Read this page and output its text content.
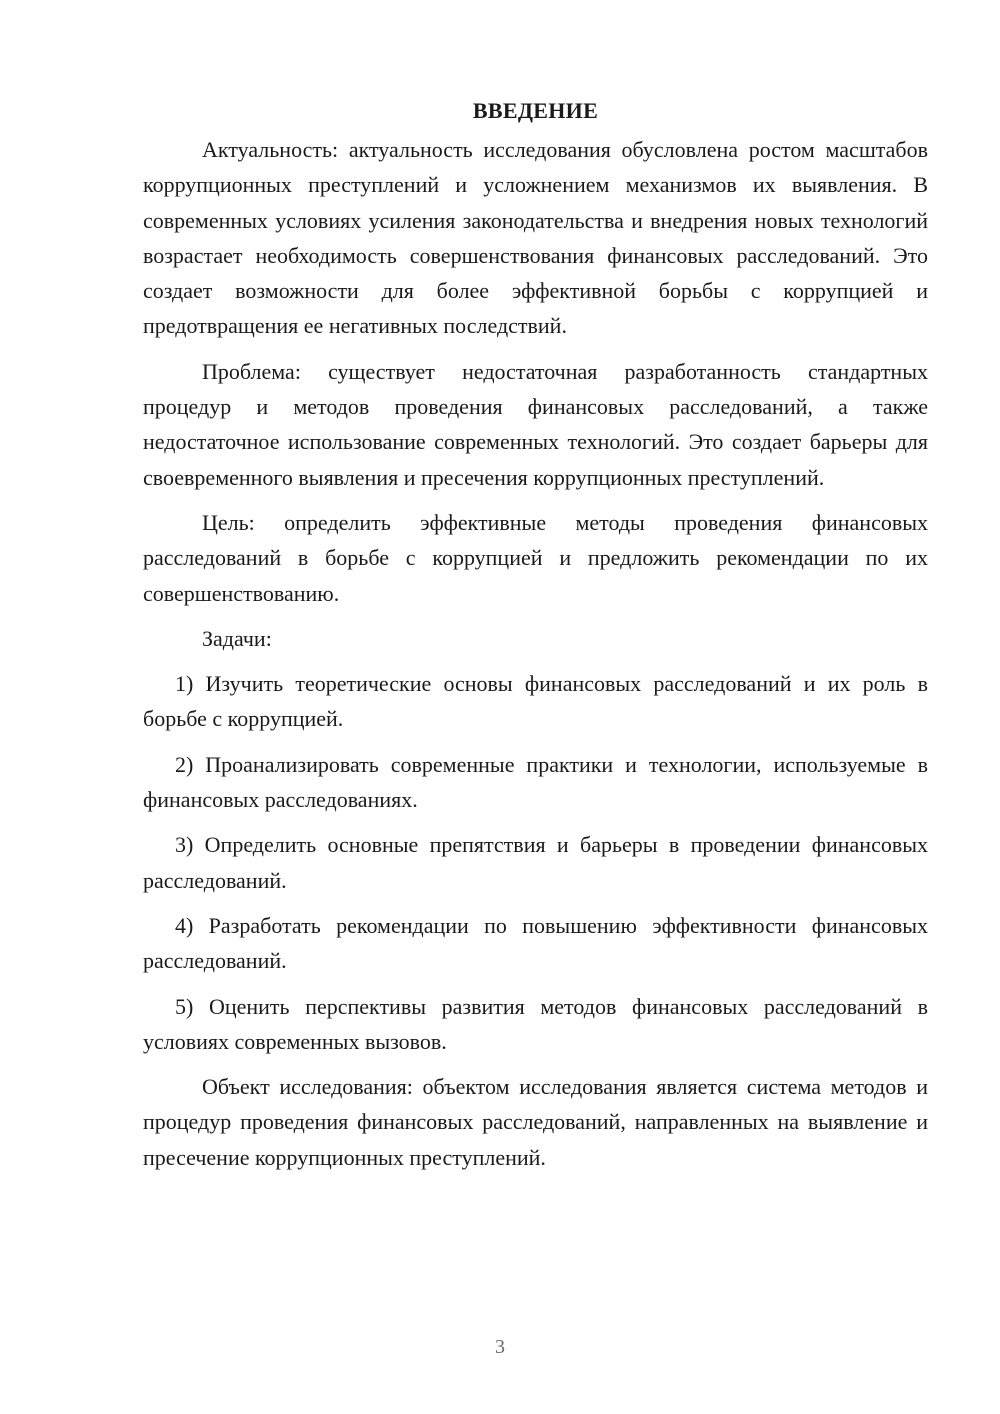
ВВЕДЕНИЕ

Актуальность: актуальность исследования обусловлена ростом масштабов коррупционных преступлений и усложнением механизмов их выявления. В современных условиях усиления законодательства и внедрения новых технологий возрастает необходимость совершенствования финансовых расследований. Это создает возможности для более эффективной борьбы с коррупцией и предотвращения ее негативных последствий.

Проблема: существует недостаточная разработанность стандартных процедур и методов проведения финансовых расследований, а также недостаточное использование современных технологий. Это создает барьеры для своевременного выявления и пресечения коррупционных преступлений.

Цель: определить эффективные методы проведения финансовых расследований в борьбе с коррупцией и предложить рекомендации по их совершенствованию.

Задачи:

1) Изучить теоретические основы финансовых расследований и их роль в борьбе с коррупцией.

2) Проанализировать современные практики и технологии, используемые в финансовых расследованиях.

3) Определить основные препятствия и барьеры в проведении финансовых расследований.

4) Разработать рекомендации по повышению эффективности финансовых расследований.

5) Оценить перспективы развития методов финансовых расследований в условиях современных вызовов.

Объект исследования: объектом исследования является система методов и процедур проведения финансовых расследований, направленных на выявление и пресечение коррупционных преступлений.

3
